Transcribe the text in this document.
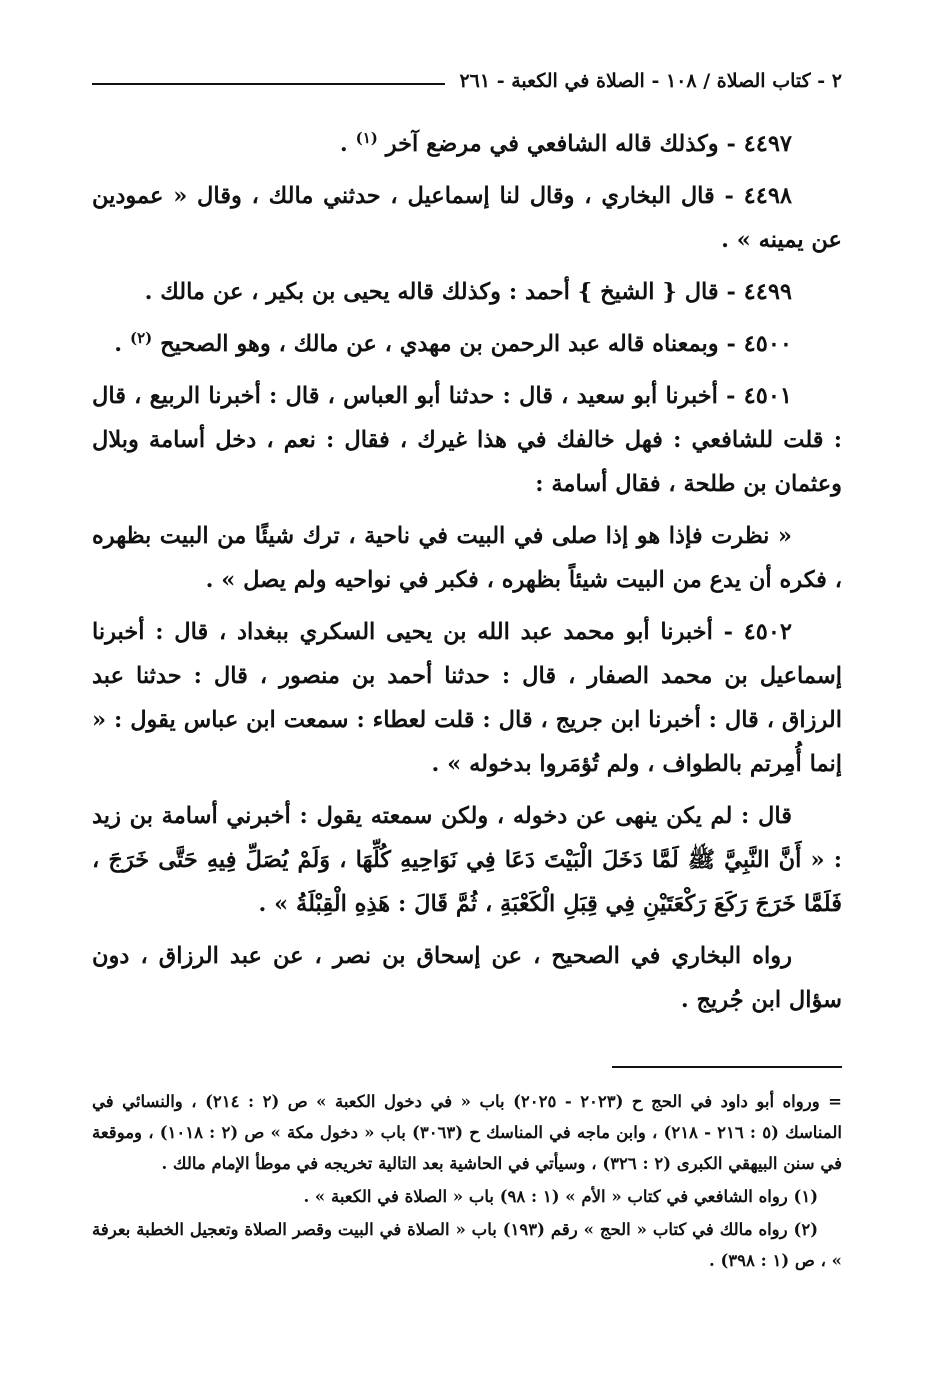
٢ - كتاب الصلاة / ١٠٨ - الصلاة في الكعبة - ٢٦١

٤٤٩٧ - وكذلك قاله الشافعي في مرضع آخر $^{(١)}$ .

٤٤٩٨ - قال البخاري ، وقال لنا إسماعيل ، حدثني مالك ، وقال « عمودين عن يمينه » .

٤٤٩٩ - قال { الشيخ } أحمد : وكذلك قاله يحيى بن بكير ، عن مالك .

٤٥٠٠ - وبمعناه قاله عبد الرحمن بن مهدي ، عن مالك ، وهو الصحيح $^{(٢)}$ .

٤٥٠١ - أخبرنا أبو سعيد ، قال : حدثنا أبو العباس ، قال : أخبرنا الربيع ، قال : قلت للشافعي : فهل خالفك في هذا غيرك ، فقال : نعم ، دخل أسامة وبلال وعثمان بن طلحة ، فقال أسامة :

« نظرت فإذا هو إذا صلى في البيت في ناحية ، ترك شيئًا من البيت بظهره ، فكره أن يدع من البيت شيئاً بظهره ، فكبر في نواحيه ولم يصل » .

٤٥٠٢ - أخبرنا أبو محمد عبد الله بن يحيى السكري ببغداد ، قال : أخبرنا إسماعيل بن محمد الصفار ، قال : حدثنا أحمد بن منصور ، قال : حدثنا عبد الرزاق ، قال : أخبرنا ابن جريج ، قال : قلت لعطاء : سمعت ابن عباس يقول : « إنما أُمِرتم بالطواف ، ولم تُؤمَروا بدخوله » .

قال : لم يكن ينهى عن دخوله ، ولكن سمعته يقول : أخبرني أسامة بن زيد : « أَنَّ النَّبِيَّ ﷺ لَمَّا دَخَلَ الْبَيْتَ دَعَا فِي نَوَاحِيهِ كُلِّهَا ، وَلَمْ يُصَلِّ فِيهِ حَتَّى خَرَجَ ، فَلَمَّا خَرَجَ رَكَعَ رَكْعَتَيْنِ فِي قِبَلِ الْكَعْبَةِ ، ثُمَّ قَالَ : هَذِهِ الْقِبْلَةُ » .

رواه البخاري في الصحيح ، عن إسحاق بن نصر ، عن عبد الرزاق ، دون سؤال ابن جُريج .

= ورواه أبو داود في الحج ح (٢٠٢٣ - ٢٠٢٥) باب « في دخول الكعبة » ص (٢ : ٢١٤) ، والنسائي في المناسك (٥ : ٢١٦ - ٢١٨) ، وابن ماجه في المناسك ح (٣٠٦٣) باب « دخول مكة » ص (٢ : ١٠١٨) ، وموقعة في سنن البيهقي الكبرى (٢ : ٣٢٦) ، وسيأتي في الحاشية بعد التالية تخريجه في موطأ الإمام مالك .

(١) رواه الشافعي في كتاب « الأم » (١ : ٩٨) باب « الصلاة في الكعبة » .

(٢) رواه مالك في كتاب « الحج » رقم (١٩٣) باب « الصلاة في البيت وقصر الصلاة وتعجيل الخطبة بعرفة » ، ص (١ : ٣٩٨) .
